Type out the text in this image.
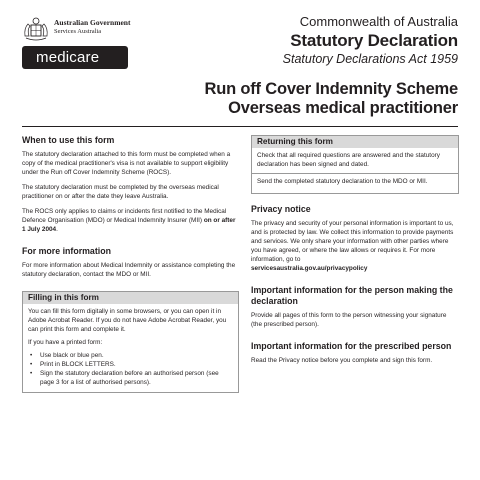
Australian Government
Services Australia
medicare
Commonwealth of Australia
Statutory Declaration
Statutory Declarations Act 1959
Run off Cover Indemnity Scheme
Overseas medical practitioner
When to use this form

The statutory declaration attached to this form must be completed when a copy of the medical practitioner's visa is not available to support eligibility under the Run off Cover Indemnity Scheme (ROCS).

The statutory declaration must be completed by the overseas medical practitioner on or after the date they leave Australia.

The ROCS only applies to claims or incidents first notified to the Medical Defence Organisation (MDO) or Medical Indemnity Insurer (MII) on or after 1 July 2004.

For more information

For more information about Medical Indemnity or assistance completing the statutory declaration, contact the MDO or MII.

Filling in this form

You can fill this form digitally in some browsers, or you can open it in Adobe Acrobat Reader. If you do not have Adobe Acrobat Reader, you can print this form and complete it.

If you have a printed form:

• Use black or blue pen.
• Print in BLOCK LETTERS.
• Sign the statutory declaration before an authorised person (see page 3 for a list of authorised persons).
Returning this form

Check that all required questions are answered and the statutory declaration has been signed and dated.

Send the completed statutory declaration to the MDO or MII.

Privacy notice

The privacy and security of your personal information is important to us, and is protected by law. We collect this information to provide payments and services. We only share your information with other parties where you have agreed, or where the law allows or requires it. For more information, go to
servicesaustralia.gov.au/privacypolicy

Important information for the person making the declaration

Provide all pages of this form to the person witnessing your signature (the prescribed person).

Important information for the prescribed person

Read the Privacy notice before you complete and sign this form.
